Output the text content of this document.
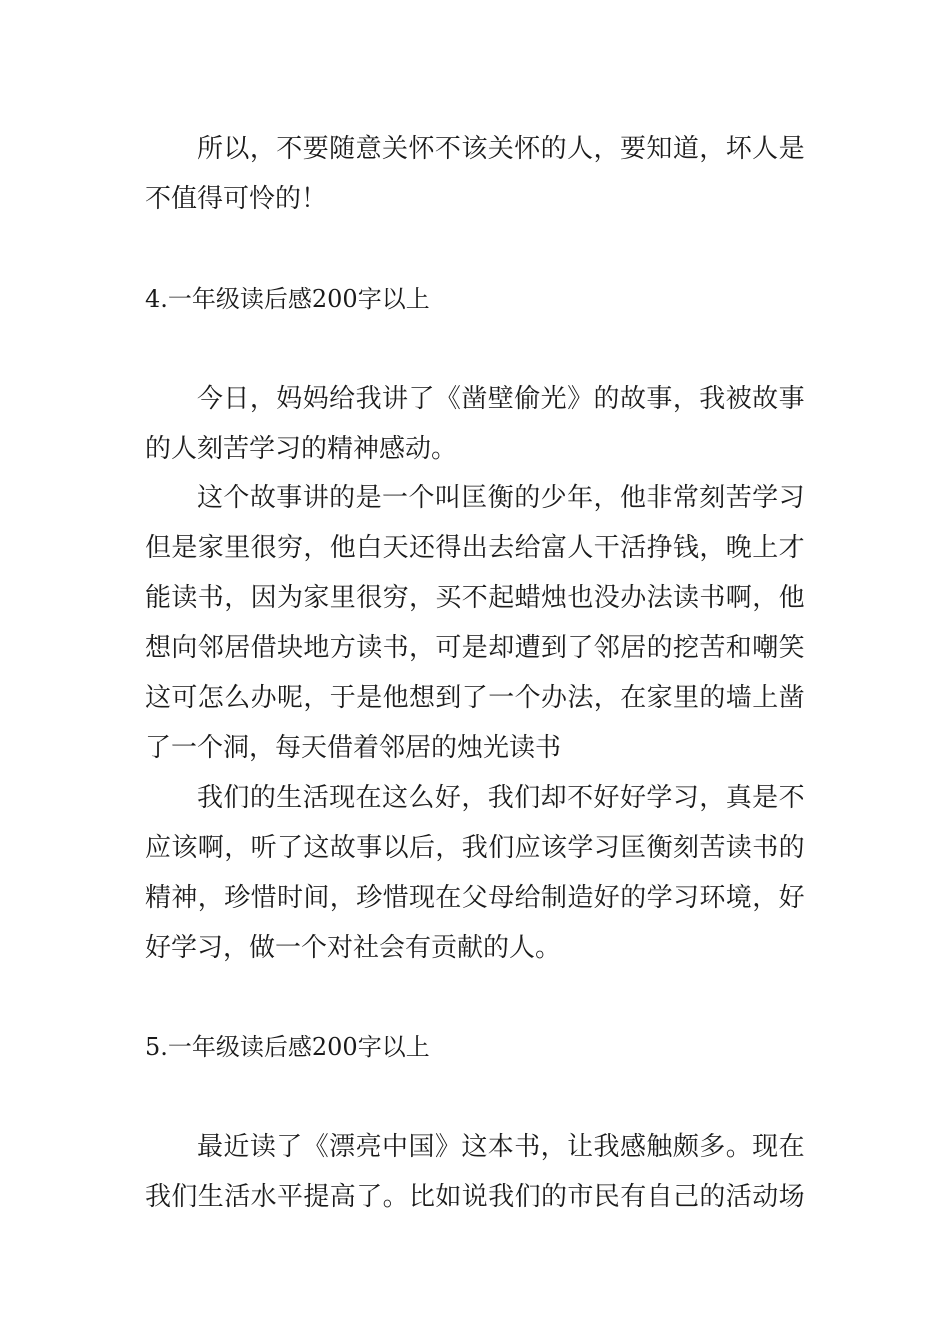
所以，不要随意关怀不该关怀的人，要知道，坏人是
不值得可怜的！
4.一年级读后感200字以上
今日，妈妈给我讲了《凿壁偷光》的故事，我被故事
的人刻苦学习的精神感动。
这个故事讲的是一个叫匡衡的少年，他非常刻苦学习
但是家里很穷，他白天还得出去给富人干活挣钱，晚上才
能读书，因为家里很穷，买不起蜡烛也没办法读书啊，他
想向邻居借块地方读书，可是却遭到了邻居的挖苦和嘲笑
这可怎么办呢，于是他想到了一个办法，在家里的墙上凿
了一个洞，每天借着邻居的烛光读书
我们的生活现在这么好，我们却不好好学习，真是不
应该啊，听了这故事以后，我们应该学习匡衡刻苦读书的
精神，珍惜时间，珍惜现在父母给制造好的学习环境，好
好学习，做一个对社会有贡献的人。
5.一年级读后感200字以上
最近读了《漂亮中国》这本书，让我感触颇多。现在
我们生活水平提高了。比如说我们的市民有自己的活动场
